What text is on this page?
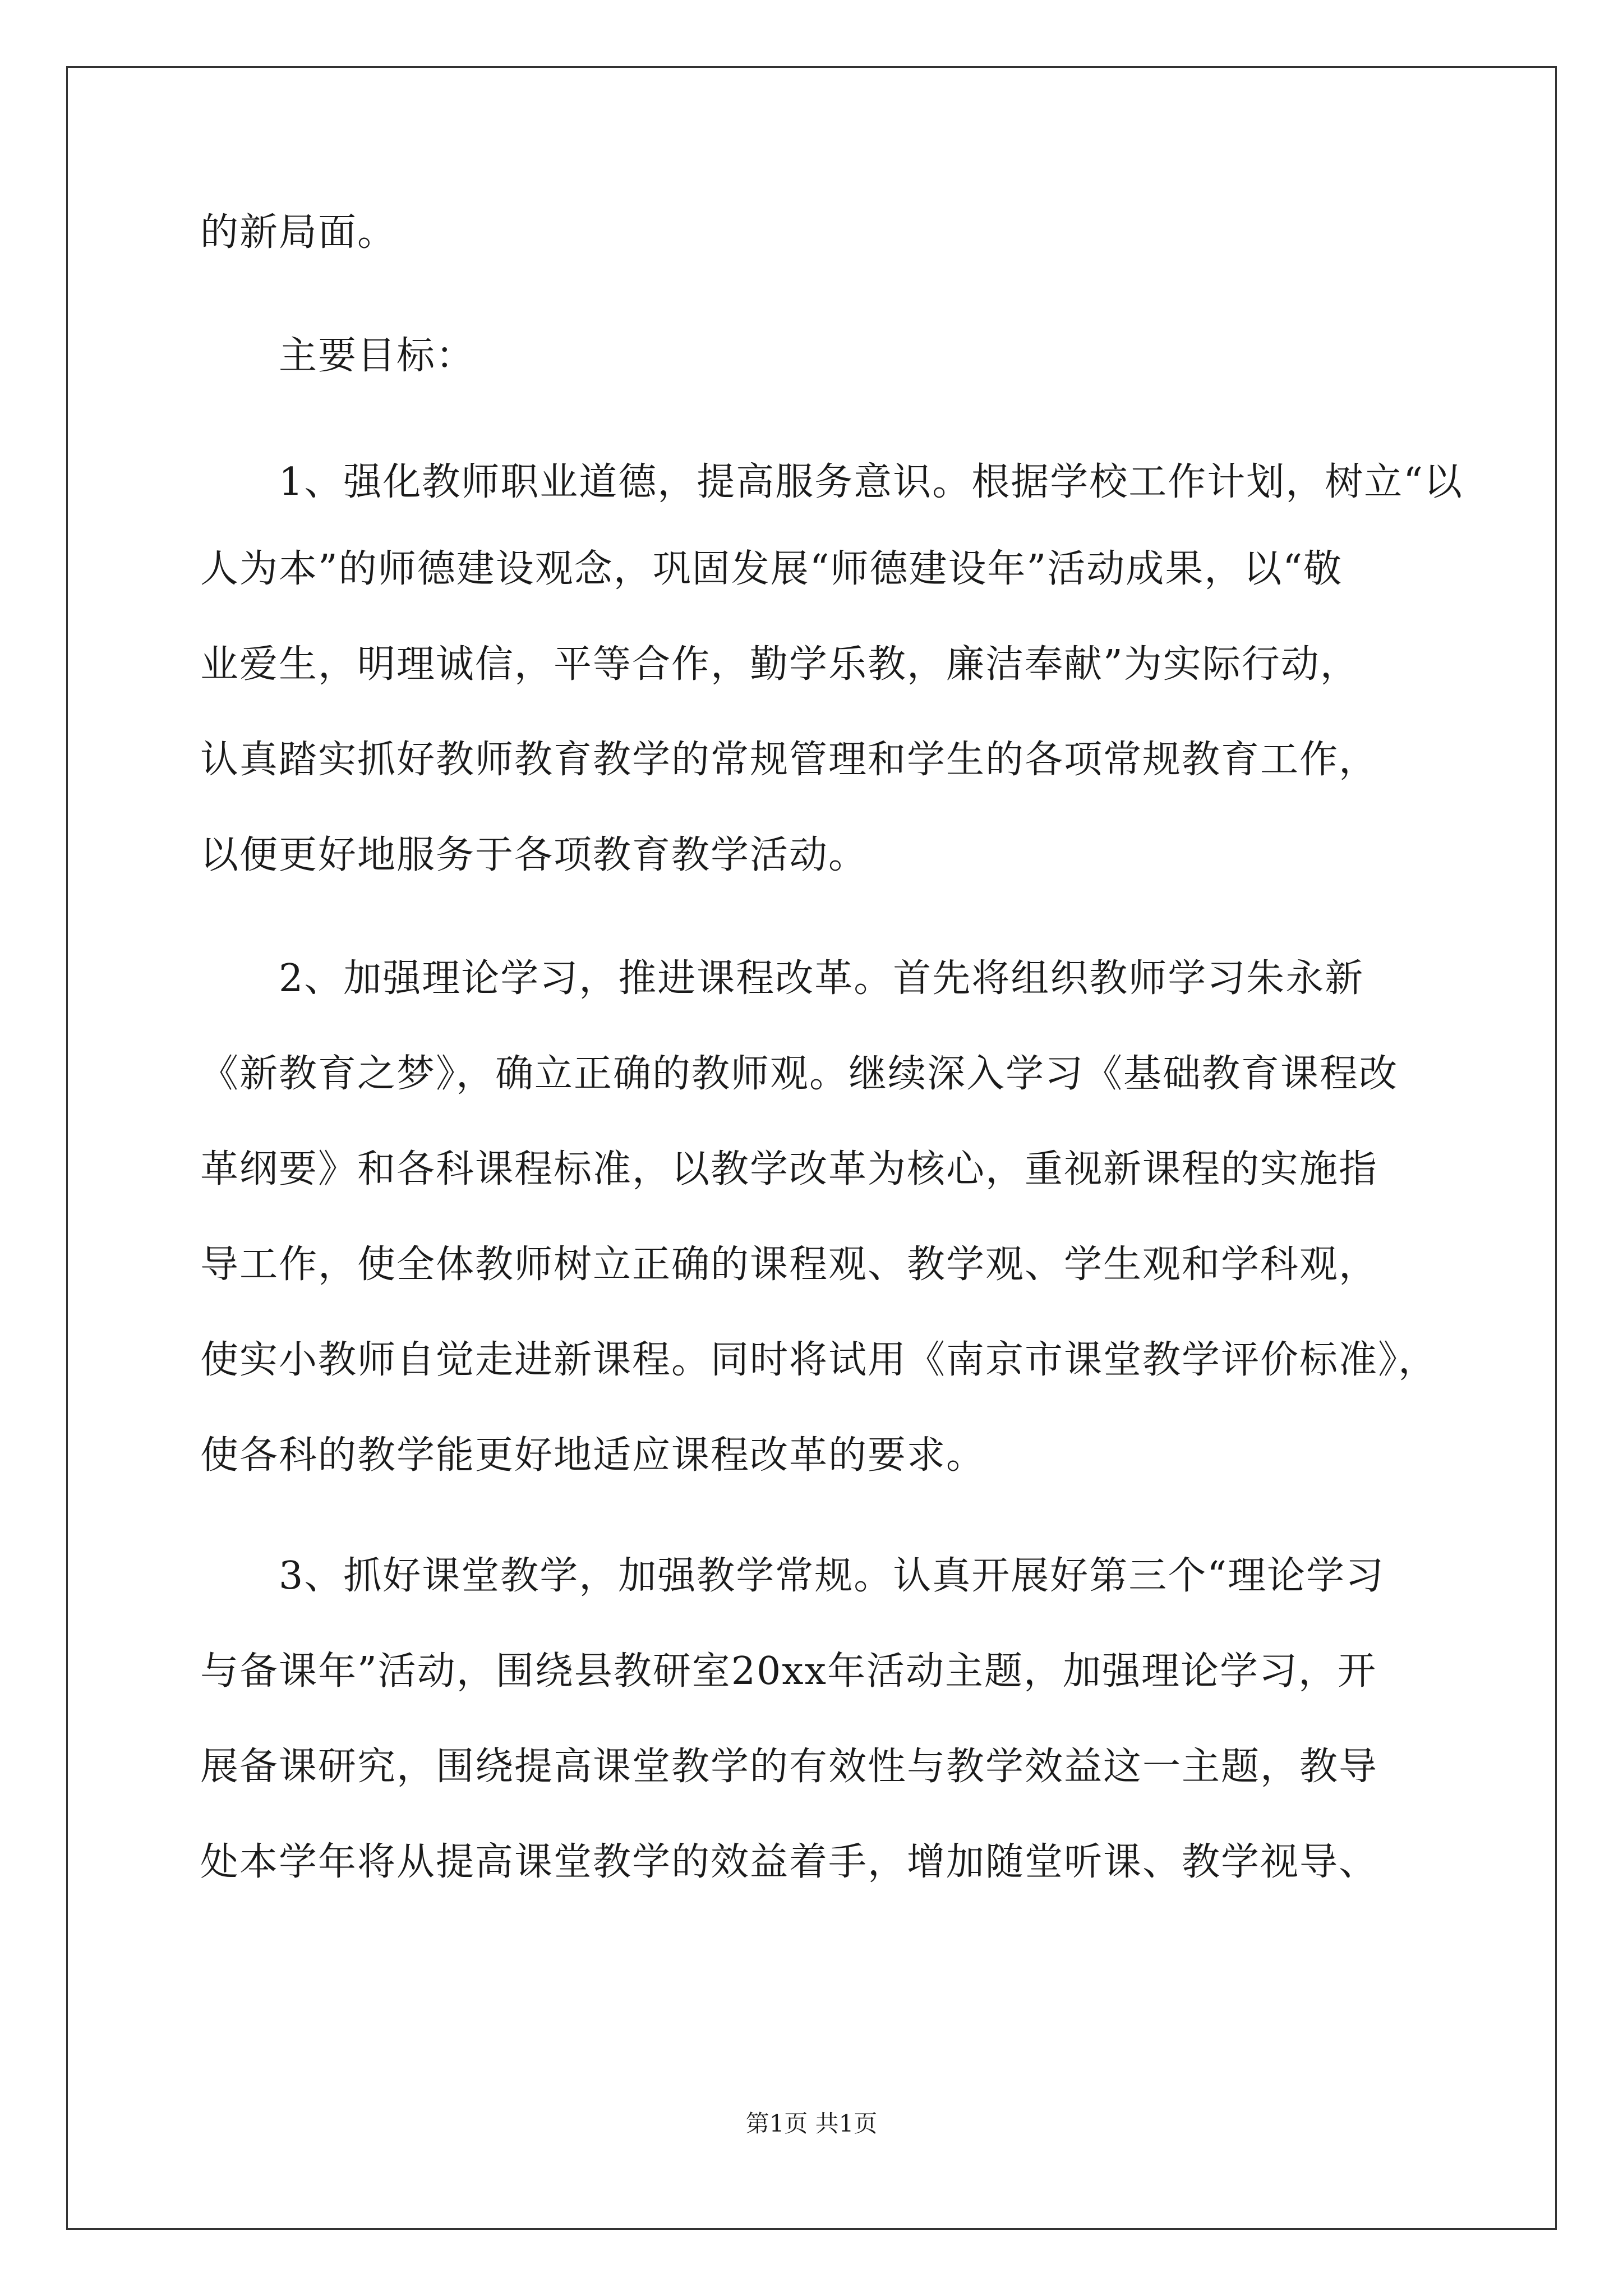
的新局面。
主要目标：
1、强化教师职业道德，提高服务意识。根据学校工作计划，树立“以
人为本”的师德建设观念，巩固发展“师德建设年”活动成果，以“敬
业爱生，明理诚信，平等合作，勤学乐教，廉洁奉献”为实际行动，
认真踏实抓好教师教育教学的常规管理和学生的各项常规教育工作，
以便更好地服务于各项教育教学活动。
2、加强理论学习，推进课程改革。首先将组织教师学习朱永新
《新教育之梦》，确立正确的教师观。继续深入学习《基础教育课程改
革纲要》和各科课程标准，以教学改革为核心，重视新课程的实施指
导工作，使全体教师树立正确的课程观、教学观、学生观和学科观，
使实小教师自觉走进新课程。同时将试用《南京市课堂教学评价标准》，
使各科的教学能更好地适应课程改革的要求。
3、抓好课堂教学，加强教学常规。认真开展好第三个“理论学习
与备课年”活动，围绕县教研室20xx年活动主题，加强理论学习，开
展备课研究，围绕提高课堂教学的有效性与教学效益这一主题，教导
处本学年将从提高课堂教学的效益着手，增加随堂听课、教学视导、
第1页 共1页
